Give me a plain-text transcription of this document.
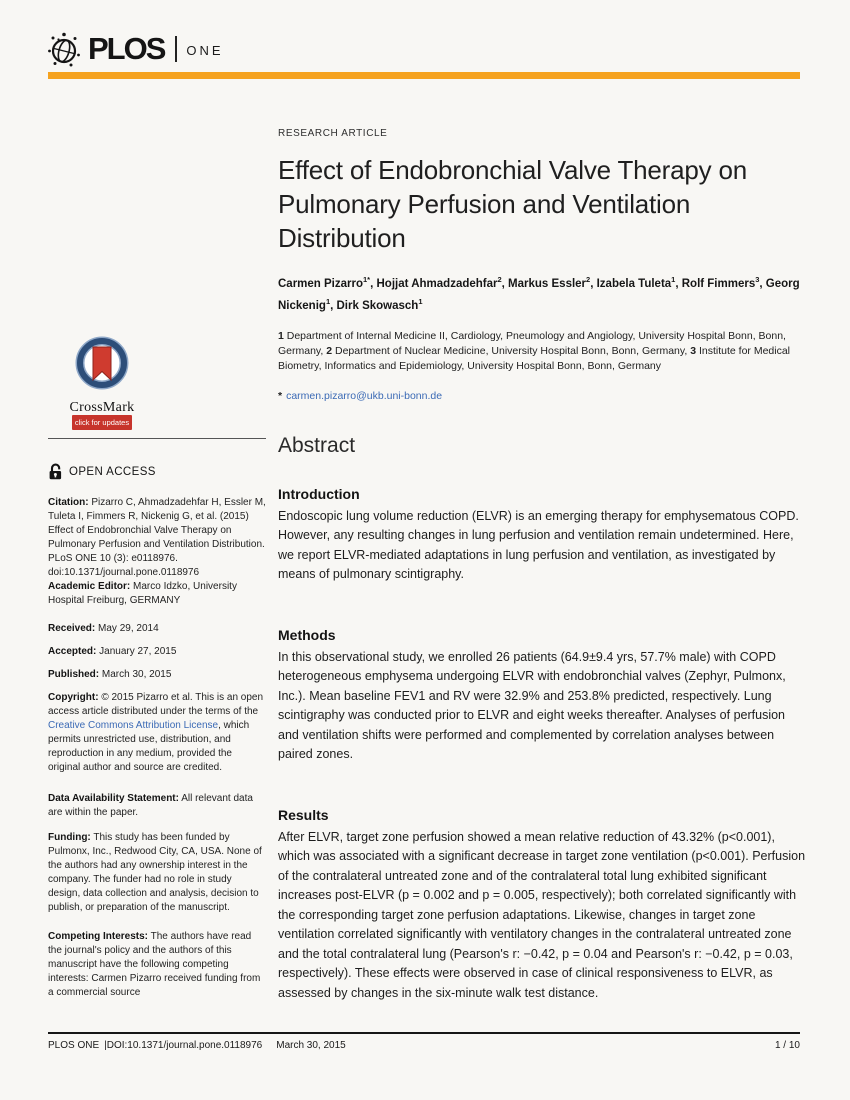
PLOS ONE
CrossMark
click for updates
OPEN ACCESS
Citation: Pizarro C, Ahmadzadehfar H, Essler M, Tuleta I, Fimmers R, Nickenig G, et al. (2015) Effect of Endobronchial Valve Therapy on Pulmonary Perfusion and Ventilation Distribution. PLoS ONE 10 (3): e0118976. doi:10.1371/journal.pone.0118976
Academic Editor: Marco Idzko, University Hospital Freiburg, GERMANY
Received: May 29, 2014
Accepted: January 27, 2015
Published: March 30, 2015
Copyright: © 2015 Pizarro et al. This is an open access article distributed under the terms of the Creative Commons Attribution License, which permits unrestricted use, distribution, and reproduction in any medium, provided the original author and source are credited.
Data Availability Statement: All relevant data are within the paper.
Funding: This study has been funded by Pulmonx, Inc., Redwood City, CA, USA. None of the authors had any ownership interest in the company. The funder had no role in study design, data collection and analysis, decision to publish, or preparation of the manuscript.
Competing Interests: The authors have read the journal's policy and the authors of this manuscript have the following competing interests: Carmen Pizarro received funding from a commercial source
RESEARCH ARTICLE
Effect of Endobronchial Valve Therapy on Pulmonary Perfusion and Ventilation Distribution
Carmen Pizarro$^{1*}$, Hojjat Ahmadzadehfar$^2$, Markus Essler$^2$, Izabela Tuleta$^1$, Rolf Fimmers$^3$, Georg Nickenig$^1$, Dirk Skowasch$^1$
1 Department of Internal Medicine II, Cardiology, Pneumology and Angiology, University Hospital Bonn, Bonn, Germany, 2 Department of Nuclear Medicine, University Hospital Bonn, Bonn, Germany, 3 Institute for Medical Biometry, Informatics and Epidemiology, University Hospital Bonn, Bonn, Germany
* carmen.pizarro@ukb.uni-bonn.de
Abstract
Introduction

Endoscopic lung volume reduction (ELVR) is an emerging therapy for emphysematous COPD. However, any resulting changes in lung perfusion and ventilation remain undetermined. Here, we report ELVR-mediated adaptations in lung perfusion and ventilation, as investigated by means of pulmonary scintigraphy.

Methods

In this observational study, we enrolled 26 patients (64.9±9.4 yrs, 57.7% male) with COPD heterogeneous emphysema undergoing ELVR with endobronchial valves (Zephyr, Pulmonx, Inc.). Mean baseline FEV1 and RV were 32.9% and 253.8% predicted, respectively. Lung scintigraphy was conducted prior to ELVR and eight weeks thereafter. Analyses of perfusion and ventilation shifts were performed and complemented by correlation analyses between paired zones.

Results

After ELVR, target zone perfusion showed a mean relative reduction of 43.32% (p<0.001), which was associated with a significant decrease in target zone ventilation (p<0.001). Perfusion of the contralateral untreated zone and of the contralateral total lung exhibited significant increases post-ELVR (p = 0.002 and p = 0.005, respectively); both correlated significantly with the corresponding target zone perfusion adaptations. Likewise, changes in target zone ventilation correlated significantly with ventilatory changes in the contralateral untreated zone and the total contralateral lung (Pearson's r: −0.42, p = 0.04 and Pearson's r: −0.42, p = 0.03, respectively). These effects were observed in case of clinical responsiveness to ELVR, as assessed by changes in the six-minute walk test distance.

PLOS ONE |DOI:10.1371/journal.pone.0118976 March 30, 2015	1 / 10
